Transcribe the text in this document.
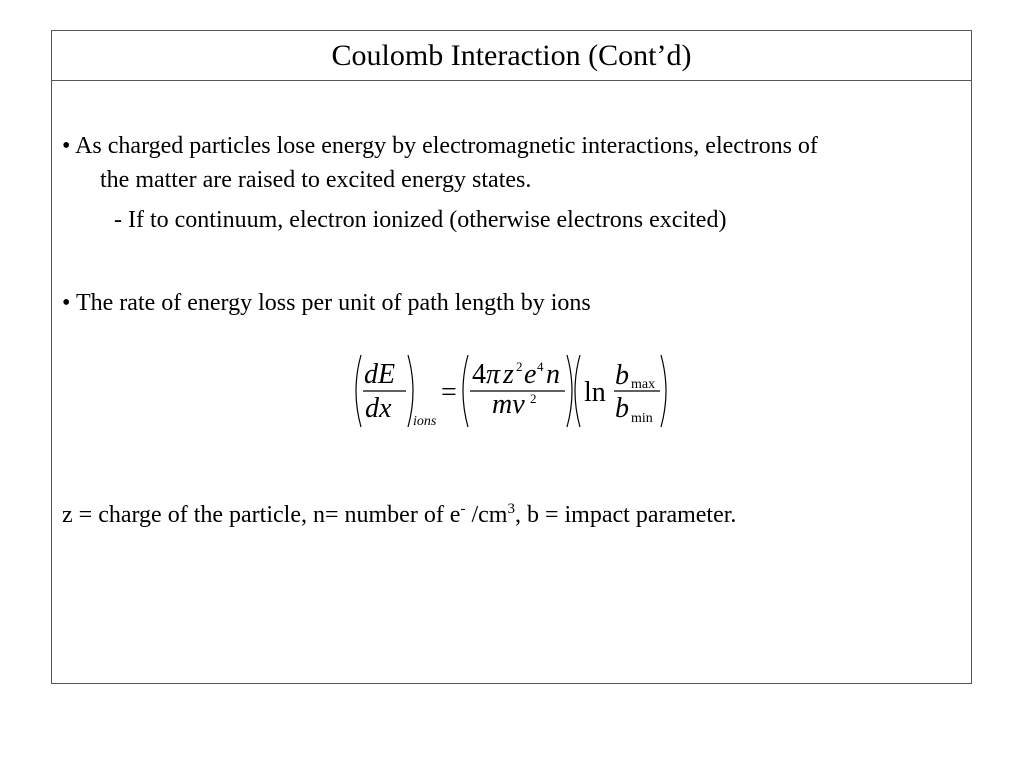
Coulomb Interaction (Cont’d)
• As charged particles lose energy by electromagnetic interactions, electrons of
the matter are raised to excited energy states.
- If to continuum, electron ionized (otherwise electrons excited)
• The rate of energy loss per unit of path length by ions
dE
dx ions
=
4 π z 2 e 4 n
mv 2 ln
b max
b min
z = charge of the particle, n= number of e- $/cm^3$, b = impact parameter.
